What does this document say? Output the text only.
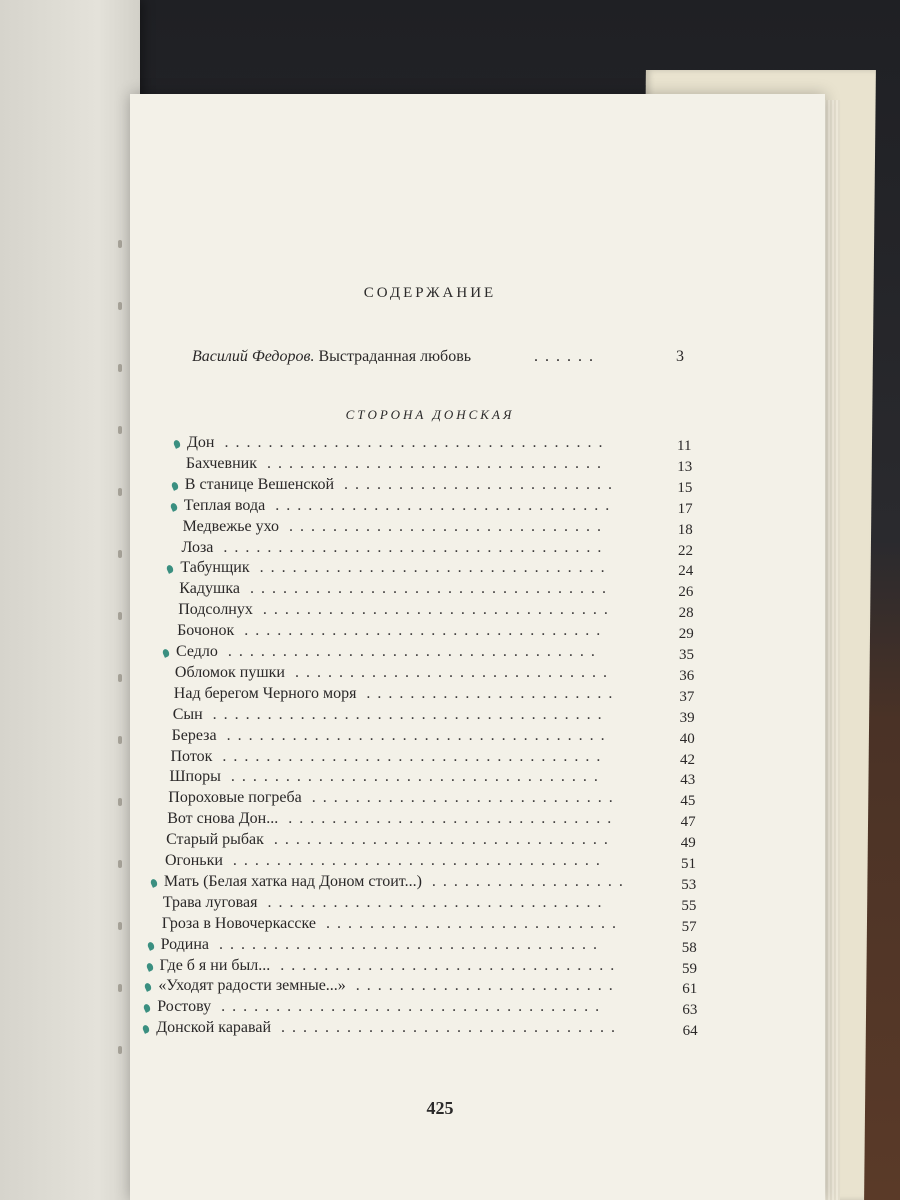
СОДЕРЖАНИЕ
Василий Федоров. Выстраданная любовь	......	3
СТОРОНА ДОНСКАЯ
Дон	11
...................................
Бахчевник	13
...............................
В станице Вешенской	15
.........................
Теплая вода	17
...............................
Медвежье ухо	18
.............................
Лоза	22
...................................
Табунщик	24
................................
Кадушка	26
.................................
Подсолнух	28
................................
Бочонок	29
.................................
Седло	35
..................................
Обломок пушки	36
.............................
Над берегом Черного моря	37
.......................
Сын	39
....................................
Береза	40
...................................
Поток	42
...................................
Шпоры	43
..................................
Пороховые погреба	45
............................
Вот снова Дон...	47
..............................
Старый рыбак	49
...............................
Огоньки	51
..................................
Мать (Белая хатка над Доном стоит...)	53
..................
Трава луговая	55
...............................
Гроза в Новочеркасске	57
...........................
Родина	58
...................................
Где б я ни был...	59
...............................
«Уходят радости земные...»	61
........................
Ростову	63
...................................
Донской каравай	64
...............................
425
